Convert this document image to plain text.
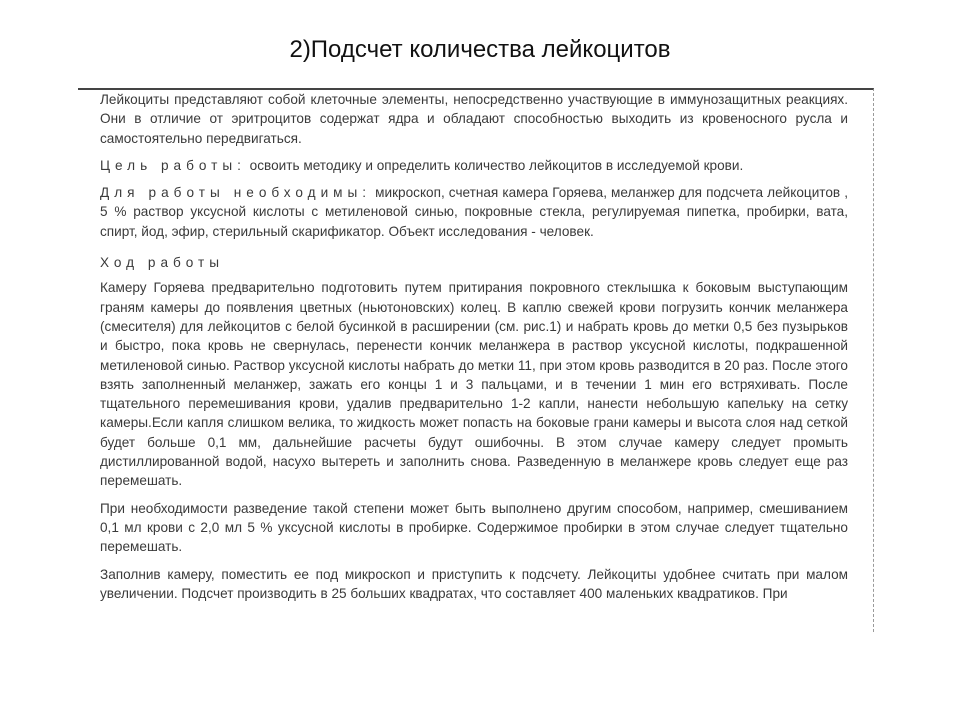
2)Подсчет количества лейкоцитов

Лейкоциты представляют собой клеточные элементы, непосредственно участвующие в иммунозащитных реакциях. Они в отличие от эритроцитов содержат ядра и обладают способностью выходить из кровеносного русла и самостоятельно передвигаться.

Цель работы: освоить методику и определить количество лейкоцитов в исследуемой крови.

Для работы необходимы: микроскоп, счетная камера Горяева, меланжер для подсчета лейкоцитов , 5 % раствор уксусной кислоты с метиленовой синью, покровные стекла, регулируемая пипетка, пробирки, вата, спирт, йод, эфир, стерильный скарификатор. Объект исследования - человек.

Ход работы

Камеру Горяева предварительно подготовить путем притирания покровного стеклышка к боковым выступающим граням камеры до появления цветных (ньютоновских) колец. В каплю свежей крови погрузить кончик меланжера (смесителя) для лейкоцитов с белой бусинкой в расширении (см. рис.1) и набрать кровь до метки 0,5 без пузырьков и быстро, пока кровь не свернулась, перенести кончик меланжера в раствор уксусной кислоты, подкрашенной метиленовой синью. Раствор уксусной кислоты набрать до метки 11, при этом кровь разводится в 20 раз. После этого взять заполненный меланжер, зажать его концы 1 и 3 пальцами, и в течении 1 мин его встряхивать. После тщательного перемешивания крови, удалив предварительно 1-2 капли, нанести небольшую капельку на сетку камеры.Если капля слишком велика, то жидкость может попасть на боковые грани камеры и высота слоя над сеткой будет больше 0,1 мм, дальнейшие расчеты будут ошибочны. В этом случае камеру следует промыть дистиллированной водой, насухо вытереть и заполнить снова. Разведенную в меланжере кровь следует еще раз перемешать.

При необходимости разведение такой степени может быть выполнено другим способом, например, смешиванием 0,1 мл крови с 2,0 мл 5 % уксусной кислоты в пробирке. Содержимое пробирки в этом случае следует тщательно перемешать.

Заполнив камеру, поместить ее под микроскоп и приступить к подсчету. Лейкоциты удобнее считать при малом увеличении. Подсчет производить в 25 больших квадратах, что составляет 400 маленьких квадратиков. При
